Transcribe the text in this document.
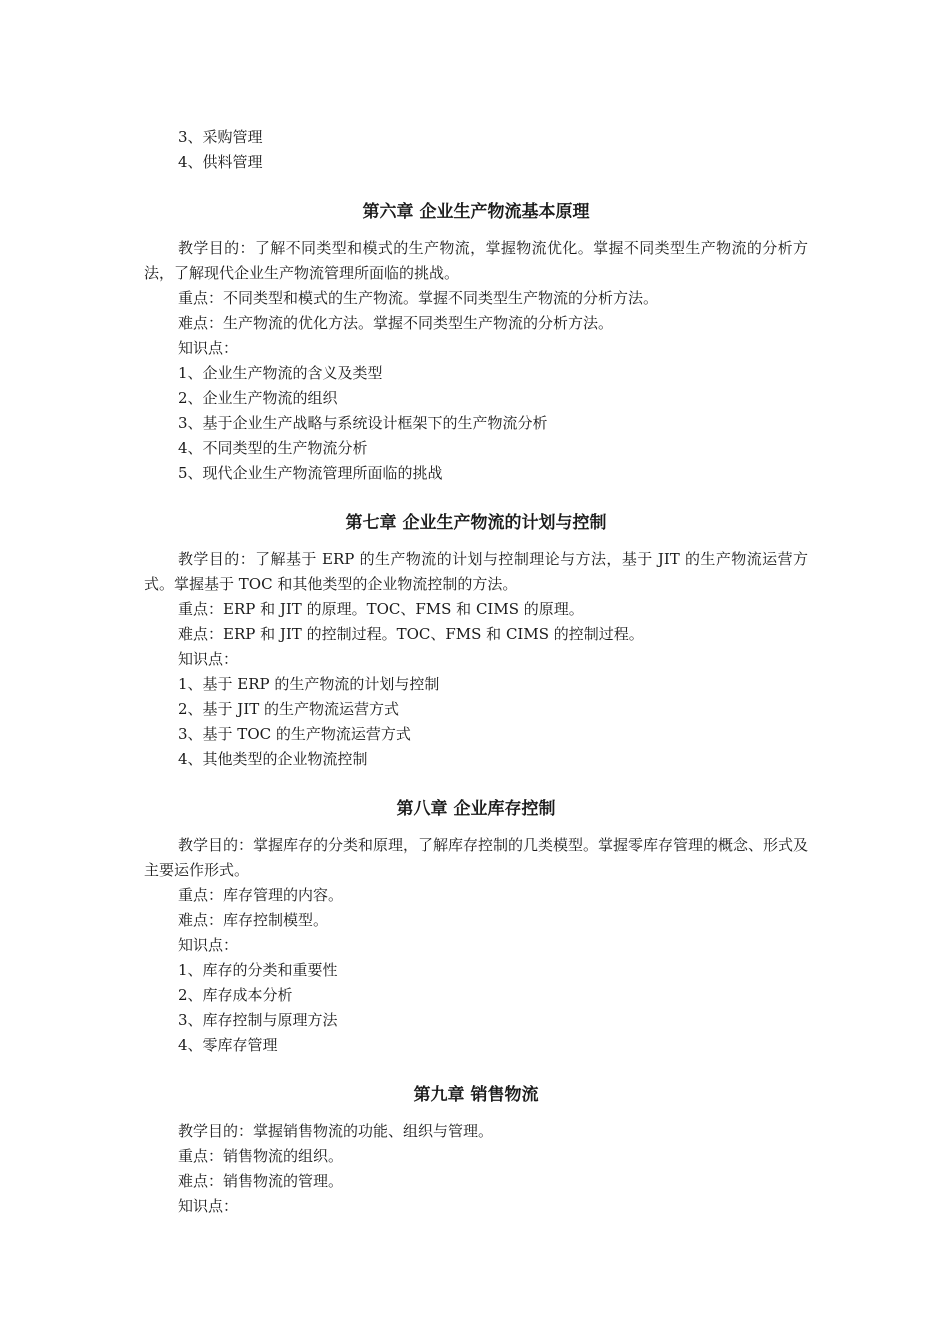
3、采购管理

4、供料管理

第六章 企业生产物流基本原理

教学目的：了解不同类型和模式的生产物流，掌握物流优化。掌握不同类型生产物流的分析方法，了解现代企业生产物流管理所面临的挑战。

重点：不同类型和模式的生产物流。掌握不同类型生产物流的分析方法。

难点：生产物流的优化方法。掌握不同类型生产物流的分析方法。

知识点：

1、企业生产物流的含义及类型

2、企业生产物流的组织

3、基于企业生产战略与系统设计框架下的生产物流分析

4、不同类型的生产物流分析

5、现代企业生产物流管理所面临的挑战

第七章 企业生产物流的计划与控制

教学目的：了解基于 ERP 的生产物流的计划与控制理论与方法，基于 JIT 的生产物流运营方式。掌握基于 TOC 和其他类型的企业物流控制的方法。

重点：ERP 和 JIT 的原理。TOC、FMS 和 CIMS 的原理。

难点：ERP 和 JIT 的控制过程。TOC、FMS 和 CIMS 的控制过程。

知识点：

1、基于 ERP 的生产物流的计划与控制

2、基于 JIT 的生产物流运营方式

3、基于 TOC 的生产物流运营方式

4、其他类型的企业物流控制

第八章 企业库存控制

教学目的：掌握库存的分类和原理，了解库存控制的几类模型。掌握零库存管理的概念、形式及主要运作形式。

重点：库存管理的内容。

难点：库存控制模型。

知识点：

1、库存的分类和重要性

2、库存成本分析

3、库存控制与原理方法

4、零库存管理

第九章 销售物流

教学目的：掌握销售物流的功能、组织与管理。

重点：销售物流的组织。

难点：销售物流的管理。

知识点：
